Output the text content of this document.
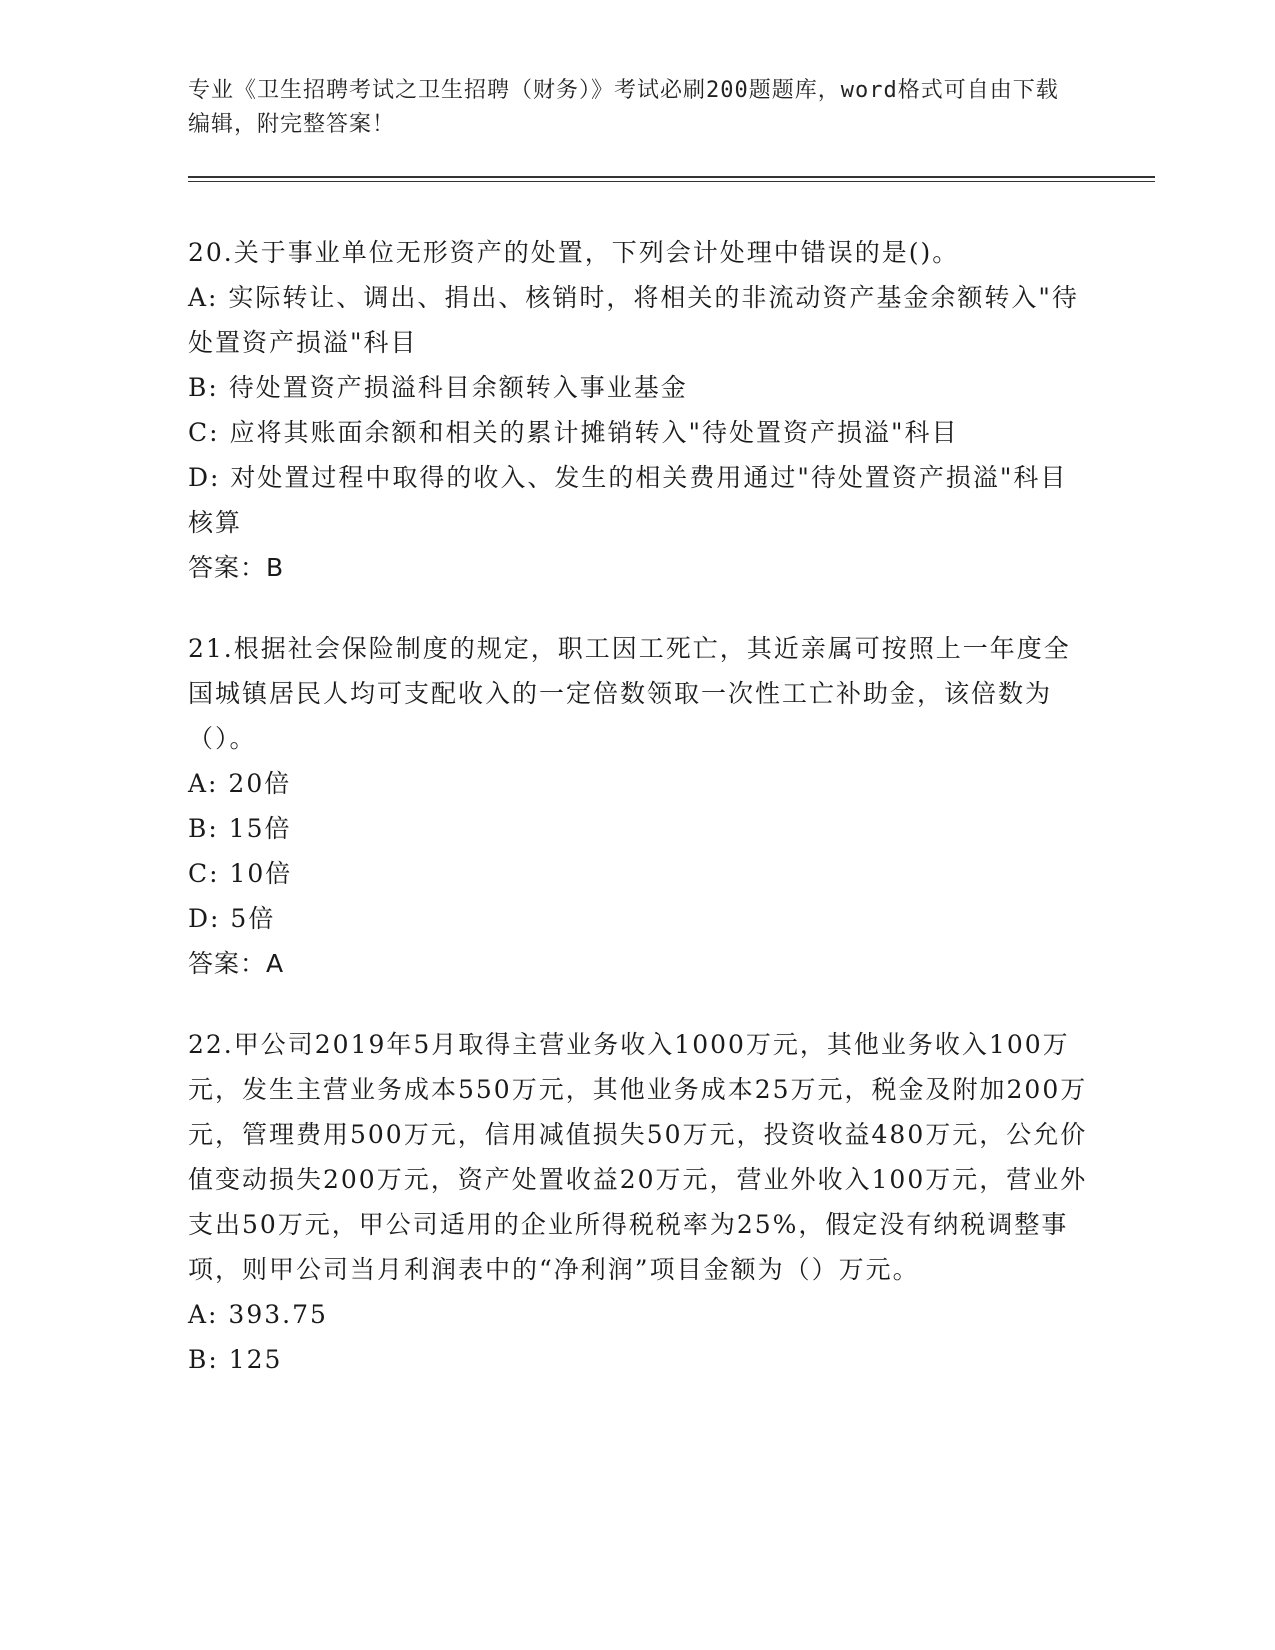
专业《卫生招聘考试之卫生招聘（财务）》考试必刷200题题库，word格式可自由下载编辑，附完整答案！

20.关于事业单位无形资产的处置，下列会计处理中错误的是()。

A: 实际转让、调出、捐出、核销时，将相关的非流动资产基金余额转入"待处置资产损溢"科目

B: 待处置资产损溢科目余额转入事业基金

C: 应将其账面余额和相关的累计摊销转入"待处置资产损溢"科目

D: 对处置过程中取得的收入、发生的相关费用通过"待处置资产损溢"科目核算

答案：B

21.根据社会保险制度的规定，职工因工死亡，其近亲属可按照上一年度全国城镇居民人均可支配收入的一定倍数领取一次性工亡补助金，该倍数为（）。

A: 20倍

B: 15倍

C: 10倍

D: 5倍

答案：A

22.甲公司2019年5月取得主营业务收入1000万元，其他业务收入100万元，发生主营业务成本550万元，其他业务成本25万元，税金及附加200万元，管理费用500万元，信用减值损失50万元，投资收益480万元，公允价值变动损失200万元，资产处置收益20万元，营业外收入100万元，营业外支出50万元，甲公司适用的企业所得税税率为25%，假定没有纳税调整事项，则甲公司当月利润表中的“净利润”项目金额为（）万元。

A: 393.75

B: 125
